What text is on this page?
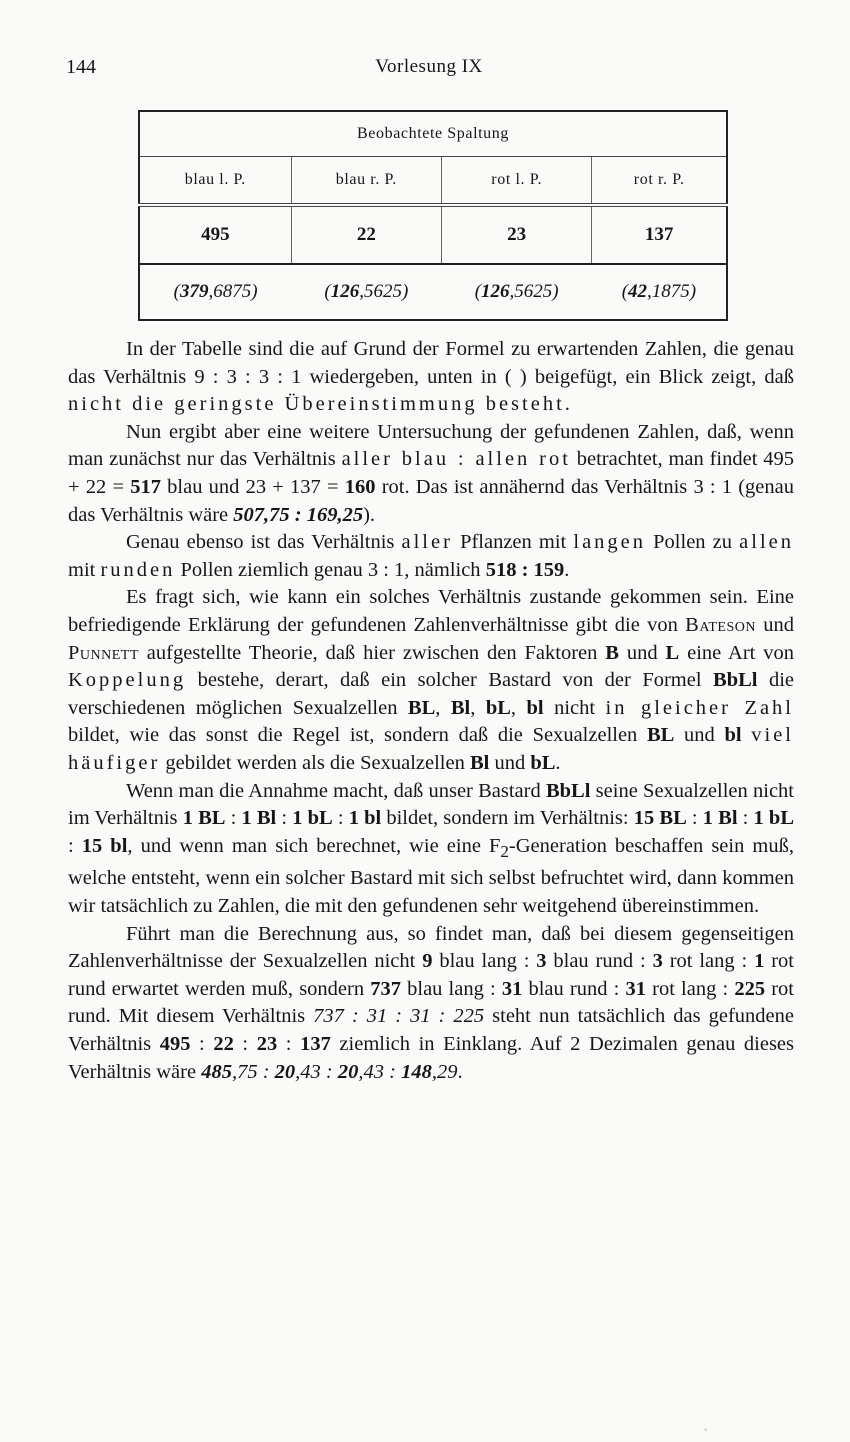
144	Vorlesung IX
Beobachtete Spaltung			
blau l. P.	blau r. P.	rot l. P.	rot r. P.
495	22	23	137
(379,6875)	(126,5625)	(126,5625)	(42,1875)

In der Tabelle sind die auf Grund der Formel zu erwartenden Zahlen, die genau das Verhältnis 9 : 3 : 3 : 1 wiedergeben, unten in ( ) beigefügt, ein Blick zeigt, daß nicht die geringste Übereinstimmung besteht.

Nun ergibt aber eine weitere Untersuchung der gefundenen Zahlen, daß, wenn man zunächst nur das Verhältnis aller blau : allen rot betrachtet, man findet 495 + 22 = 517 blau und 23 + 137 = 160 rot. Das ist annähernd das Verhältnis 3 : 1 (genau das Verhältnis wäre 507,75 : 169,25).

Genau ebenso ist das Verhältnis aller Pflanzen mit langen Pollen zu allen mit runden Pollen ziemlich genau 3 : 1, nämlich 518 : 159.

Es fragt sich, wie kann ein solches Verhältnis zustande gekommen sein. Eine befriedigende Erklärung der gefundenen Zahlenverhältnisse gibt die von Bateson und Punnett aufgestellte Theorie, daß hier zwischen den Faktoren B und L eine Art von Koppelung bestehe, derart, daß ein solcher Bastard von der Formel BbLl die verschiedenen möglichen Sexualzellen BL, Bl, bL, bl nicht in gleicher Zahl bildet, wie das sonst die Regel ist, sondern daß die Sexualzellen BL und bl viel häufiger gebildet werden als die Sexualzellen Bl und bL.

Wenn man die Annahme macht, daß unser Bastard BbLl seine Sexualzellen nicht im Verhältnis 1 BL : 1 Bl : 1 bL : 1 bl bildet, sondern im Verhältnis: 15 BL : 1 Bl : 1 bL : 15 bl, und wenn man sich berechnet, wie eine $F_2$-Generation beschaffen sein muß, welche entsteht, wenn ein solcher Bastard mit sich selbst befruchtet wird, dann kommen wir tatsächlich zu Zahlen, die mit den gefundenen sehr weitgehend übereinstimmen.

Führt man die Berechnung aus, so findet man, daß bei diesem gegenseitigen Zahlenverhältnisse der Sexualzellen nicht 9 blau lang : 3 blau rund : 3 rot lang : 1 rot rund erwartet werden muß, sondern 737 blau lang : 31 blau rund : 31 rot lang : 225 rot rund. Mit diesem Verhältnis 737 : 31 : 31 : 225 steht nun tatsächlich das gefundene Verhältnis 495 : 22 : 23 : 137 ziemlich in Einklang. Auf 2 Dezimalen genau dieses Verhältnis wäre 485,75 : 20,43 : 20,43 : 148,29.

ˎ
